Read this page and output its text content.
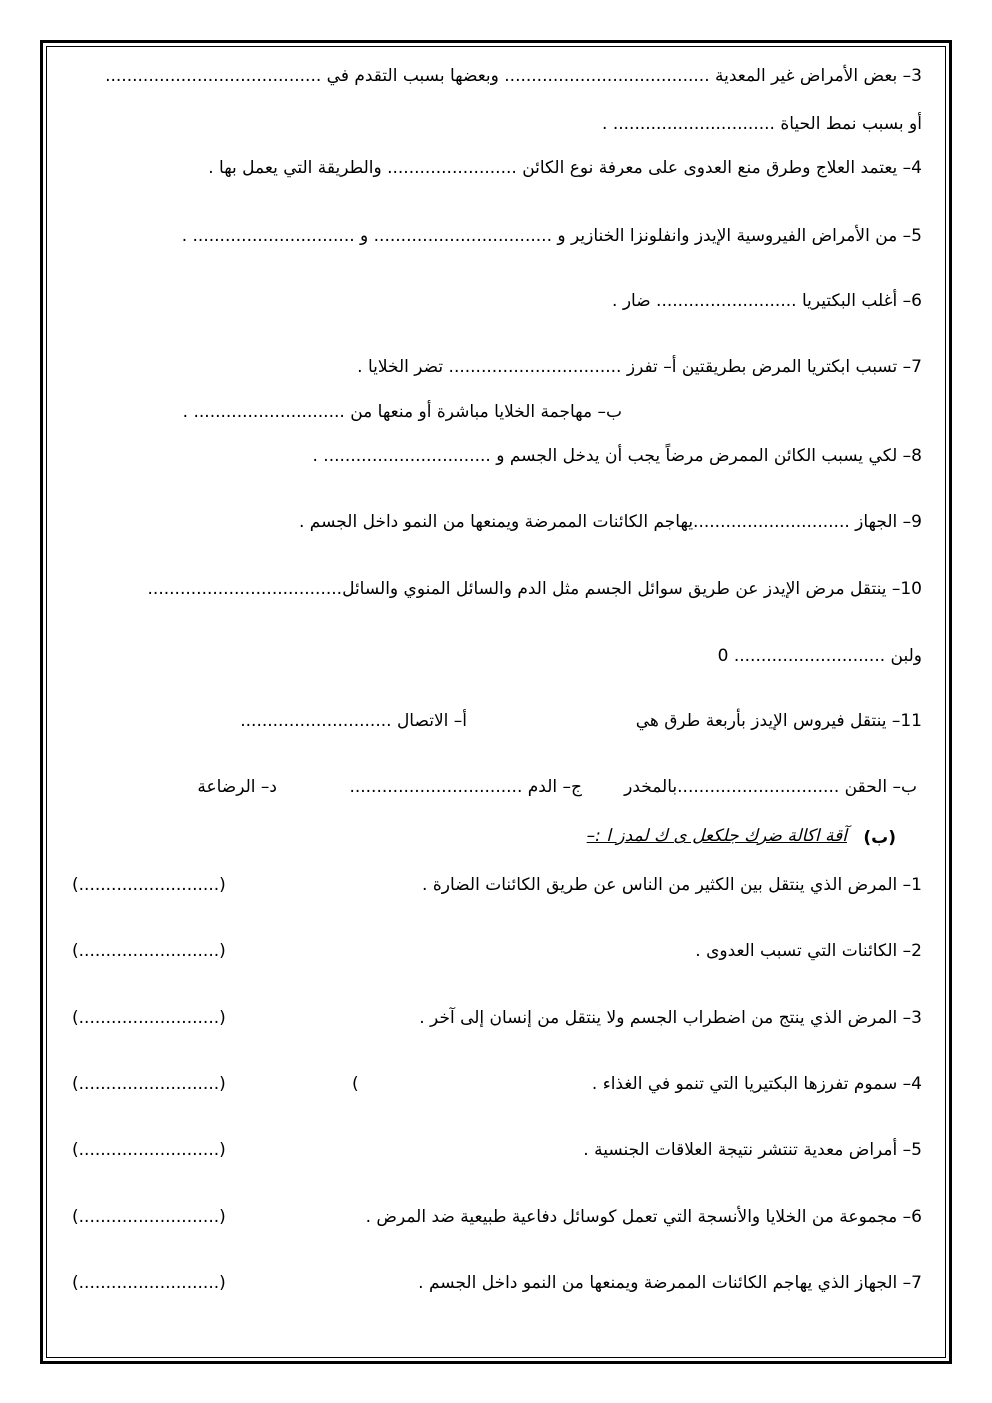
3– بعض الأمراض غير المعدية ...................................... وبعضها بسبب التقدم في ........................................
أو بسبب نمط الحياة .............................. .
4– يعتمد العلاج وطرق منع العدوى على معرفة نوع الكائن ........................ والطريقة التي يعمل بها .
5– من الأمراض الفيروسية الإيدز وانفلونزا الخنازير و ................................. و .............................. .
6– أغلب البكتيريا .......................... ضار .
7– تسبب ابكتريا المرض بطريقتين أ– تفرز ................................ تضر الخلايا .
ب– مهاجمة الخلايا مباشرة أو منعها من ............................ .
8– لكي يسبب الكائن الممرض مرضاً يجب أن يدخل الجسم و ............................... .
9– الجهاز .............................يهاجم الكائنات الممرضة ويمنعها من النمو داخل الجسم .
10– ينتقل مرض الإيدز عن طريق سوائل الجسم مثل الدم والسائل المنوي والسائل....................................
ولبن ............................ 0
11– ينتقل فيروس الإيدز بأربعة طرق هي
أ– الاتصال ............................
ب– الحقن ..............................بالمخدر
ج– الدم ................................
د– الرضاعة
(ب)
آقة اكالة ضرك جلكعل ى ك لمدز ا :–
1– المرض الذي ينتقل بين الكثير من الناس عن طريق الكائنات الضارة .
(..........................)
2– الكائنات التي تسبب العدوى .
(..........................)
3– المرض الذي ينتج من اضطراب الجسم ولا ينتقل من إنسان إلى آخر .
(..........................)
4– سموم تفرزها البكتيريا التي تنمو في الغذاء .
(
(..........................)
5– أمراض معدية تنتشر نتيجة العلاقات الجنسية .
(..........................)
6– مجموعة من الخلايا والأنسجة التي تعمل كوسائل دفاعية طبيعية ضد المرض .
(..........................)
7– الجهاز الذي يهاجم الكائنات الممرضة ويمنعها من النمو داخل الجسم .
(..........................)
